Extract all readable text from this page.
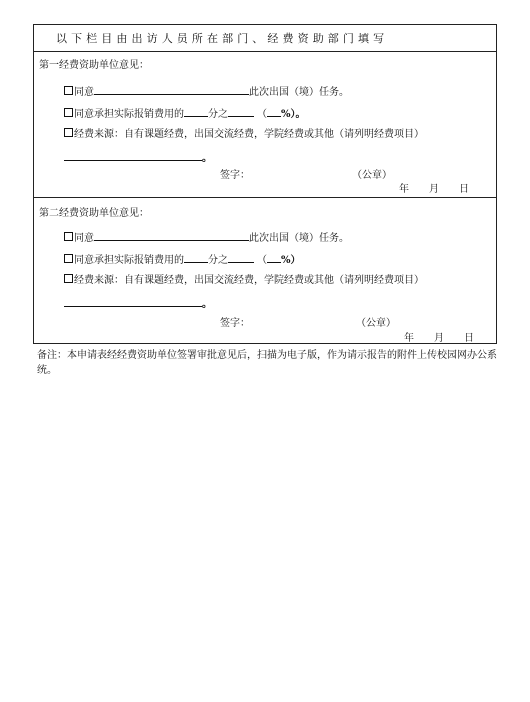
以下栏目由出访人员所在部门、经费资助部门填写
第一经费资助单位意见：
同意	此次出国（境）任务。
同意承担实际报销费用的 分之	（ %）。
经费来源：自有课题经费，出国交流经费，学院经费或其他（请列明经费项目）
。
签字：	（公章）
年　　月　　日
第二经费资助单位意见：
同意	此次出国（境）任务。
同意承担实际报销费用的 分之	（ %）
经费来源：自有课题经费，出国交流经费，学院经费或其他（请列明经费项目）
。
签字：	（公章）
年　　月　　日
备注：本申请表经经费资助单位签署审批意见后，扫描为电子版，作为请示报告的附件上传校园网办公系统。
